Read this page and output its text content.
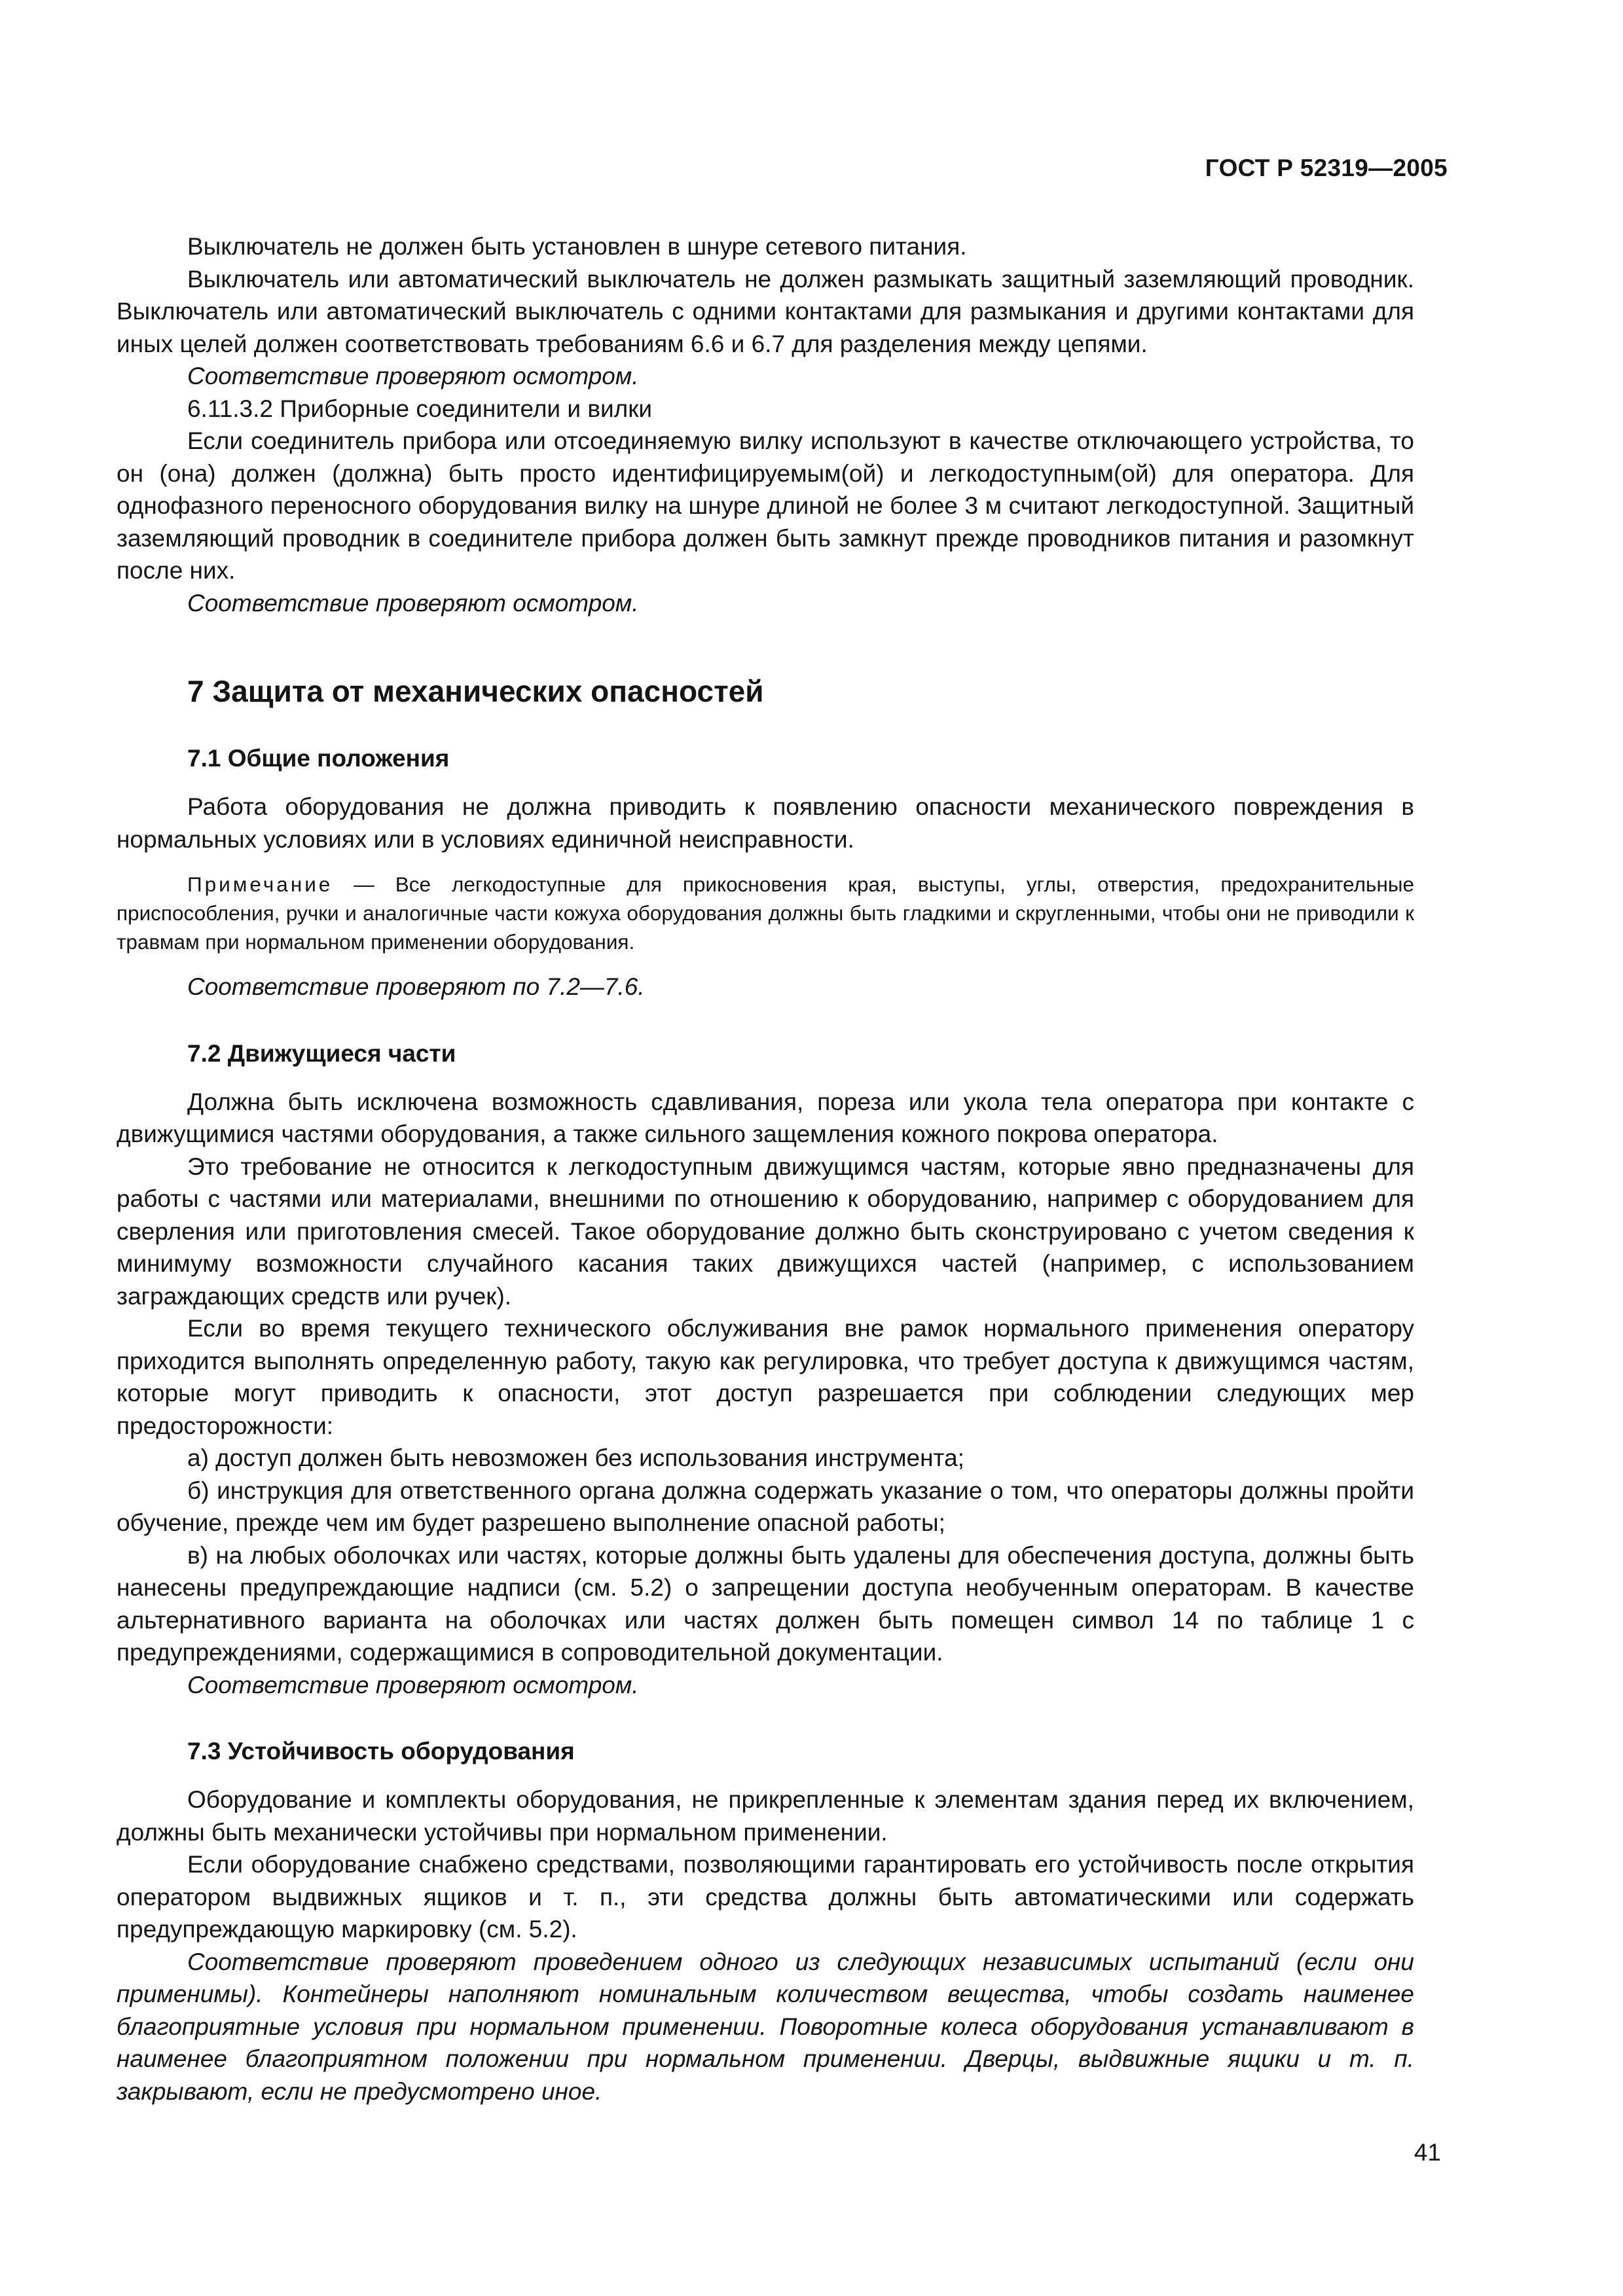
ГОСТ Р 52319—2005

Выключатель не должен быть установлен в шнуре сетевого питания.

Выключатель или автоматический выключатель не должен размыкать защитный заземляющий проводник. Выключатель или автоматический выключатель с одними контактами для размыкания и другими контактами для иных целей должен соответствовать требованиям 6.6 и 6.7 для разделения между цепями.

Соответствие проверяют осмотром.

6.11.3.2 Приборные соединители и вилки

Если соединитель прибора или отсоединяемую вилку используют в качестве отключающего устройства, то он (она) должен (должна) быть просто идентифицируемым(ой) и легкодоступным(ой) для оператора. Для однофазного переносного оборудования вилку на шнуре длиной не более 3 м считают легкодоступной. Защитный заземляющий проводник в соединителе прибора должен быть замкнут прежде проводников питания и разомкнут после них.

Соответствие проверяют осмотром.

7 Защита от механических опасностей
7.1 Общие положения

Работа оборудования не должна приводить к появлению опасности механического повреждения в нормальных условиях или в условиях единичной неисправности.

Примечание — Все легкодоступные для прикосновения края, выступы, углы, отверстия, предохранительные приспособления, ручки и аналогичные части кожуха оборудования должны быть гладкими и скругленными, чтобы они не приводили к травмам при нормальном применении оборудования.

Соответствие проверяют по 7.2—7.6.

7.2 Движущиеся части

Должна быть исключена возможность сдавливания, пореза или укола тела оператора при контакте с движущимися частями оборудования, а также сильного защемления кожного покрова оператора.

Это требование не относится к легкодоступным движущимся частям, которые явно предназначены для работы с частями или материалами, внешними по отношению к оборудованию, например с оборудованием для сверления или приготовления смесей. Такое оборудование должно быть сконструировано с учетом сведения к минимуму возможности случайного касания таких движущихся частей (например, с использованием заграждающих средств или ручек).

Если во время текущего технического обслуживания вне рамок нормального применения оператору приходится выполнять определенную работу, такую как регулировка, что требует доступа к движущимся частям, которые могут приводить к опасности, этот доступ разрешается при соблюдении следующих мер предосторожности:

а) доступ должен быть невозможен без использования инструмента;

б) инструкция для ответственного органа должна содержать указание о том, что операторы должны пройти обучение, прежде чем им будет разрешено выполнение опасной работы;

в) на любых оболочках или частях, которые должны быть удалены для обеспечения доступа, должны быть нанесены предупреждающие надписи (см. 5.2) о запрещении доступа необученным операторам. В качестве альтернативного варианта на оболочках или частях должен быть помещен символ 14 по таблице 1 с предупреждениями, содержащимися в сопроводительной документации.

Соответствие проверяют осмотром.

7.3 Устойчивость оборудования

Оборудование и комплекты оборудования, не прикрепленные к элементам здания перед их включением, должны быть механически устойчивы при нормальном применении.

Если оборудование снабжено средствами, позволяющими гарантировать его устойчивость после открытия оператором выдвижных ящиков и т. п., эти средства должны быть автоматическими или содержать предупреждающую маркировку (см. 5.2).

Соответствие проверяют проведением одного из следующих независимых испытаний (если они применимы). Контейнеры наполняют номинальным количеством вещества, чтобы создать наименее благоприятные условия при нормальном применении. Поворотные колеса оборудования устанавливают в наименее благоприятном положении при нормальном применении. Дверцы, выдвижные ящики и т. п. закрывают, если не предусмотрено иное.

41
